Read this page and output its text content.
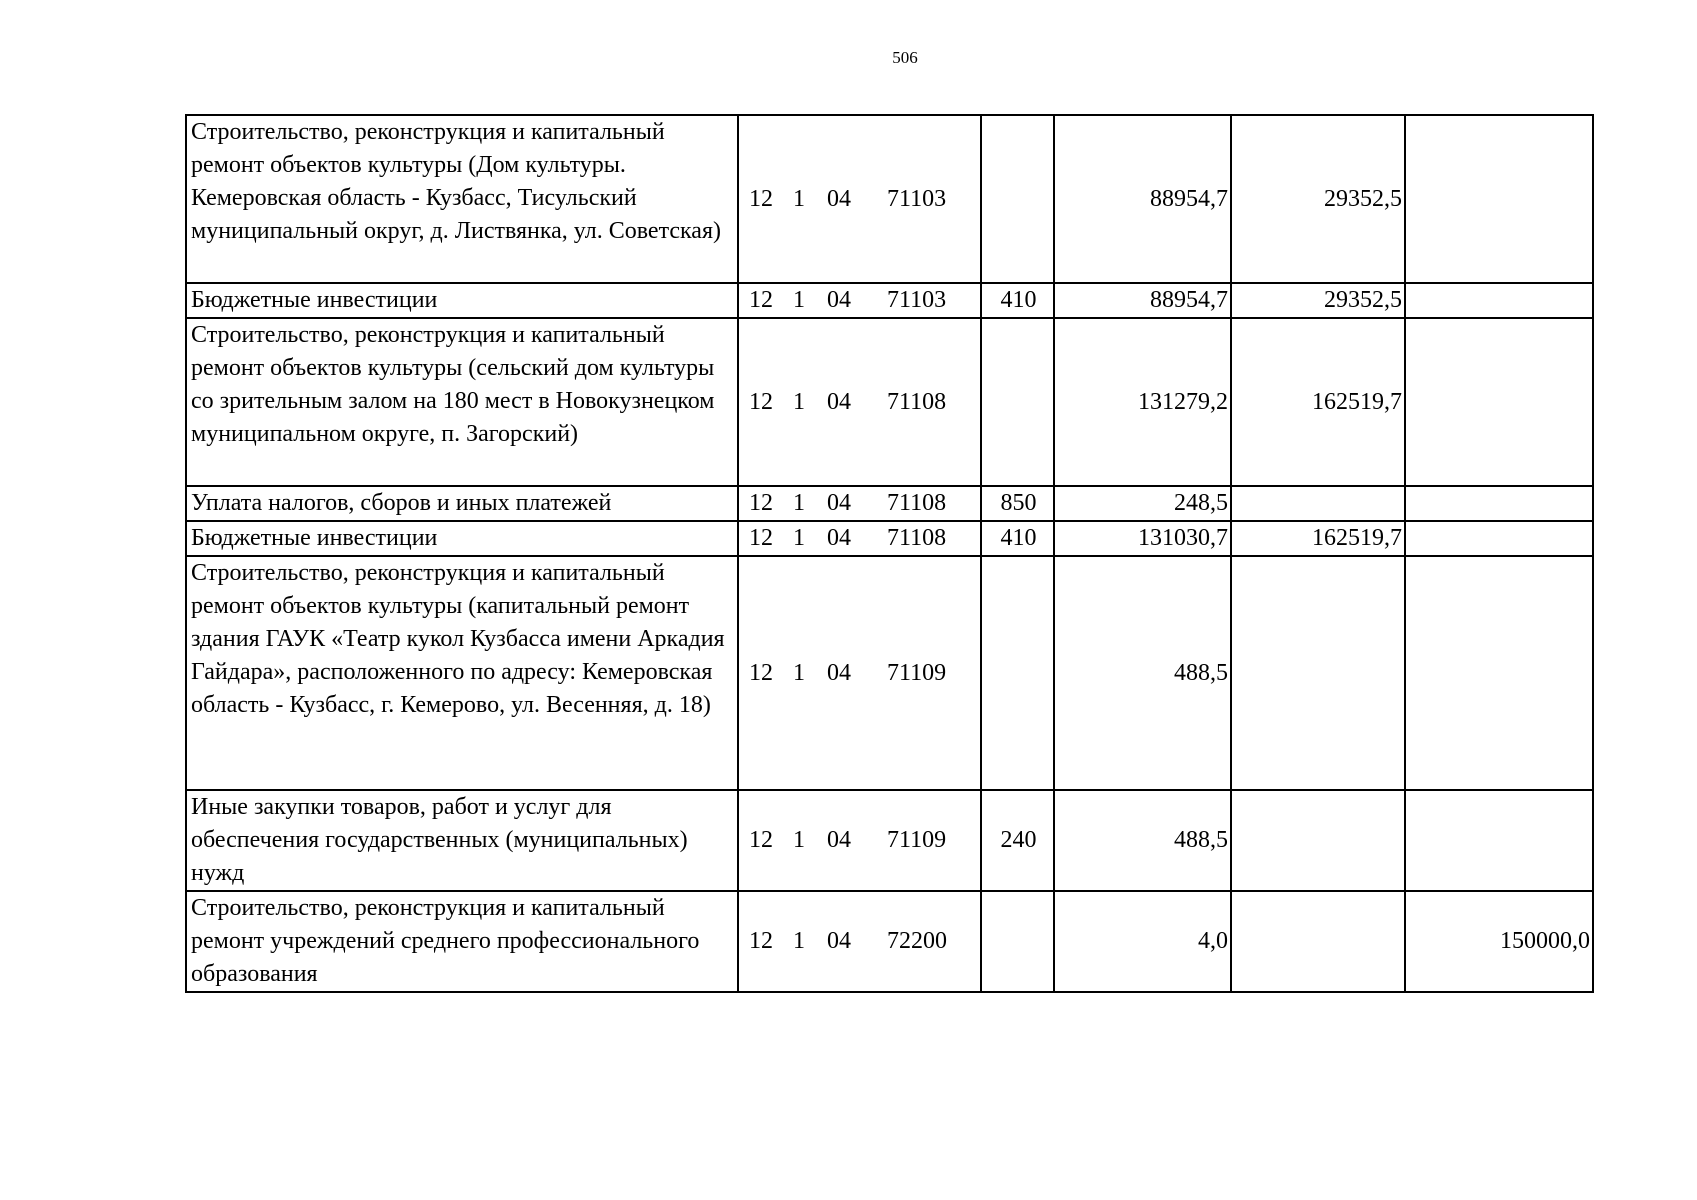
506
Строительство, реконструкция и капитальный ремонт объектов культуры (Дом культуры. Кемеровская область - Кузбасс, Тисульский муниципальный округ, д. Листвянка, ул. Советская)	12 1 04 71103		88954,7	29352,5	
Бюджетные инвестиции	12 1 04 71103	410	88954,7	29352,5	
Строительство, реконструкция и капитальный ремонт объектов культуры (сельский дом культуры со зрительным залом на 180 мест в Новокузнецком муниципальном округе, п. Загорский)	12 1 04 71108		131279,2	162519,7	
Уплата налогов, сборов и иных платежей	12 1 04 71108	850	248,5		
Бюджетные инвестиции	12 1 04 71108	410	131030,7	162519,7	
Строительство, реконструкция и капитальный ремонт объектов культуры (капитальный ремонт здания ГАУК «Театр кукол Кузбасса имени Аркадия Гайдара», расположенного по адресу: Кемеровская область - Кузбасс, г. Кемерово, ул. Весенняя, д. 18)	12 1 04 71109		488,5		
Иные закупки товаров, работ и услуг для обеспечения государственных (муниципальных) нужд	12 1 04 71109	240	488,5		
Строительство, реконструкция и капитальный ремонт учреждений среднего профессионального образования	12 1 04 72200		4,0		150000,0
